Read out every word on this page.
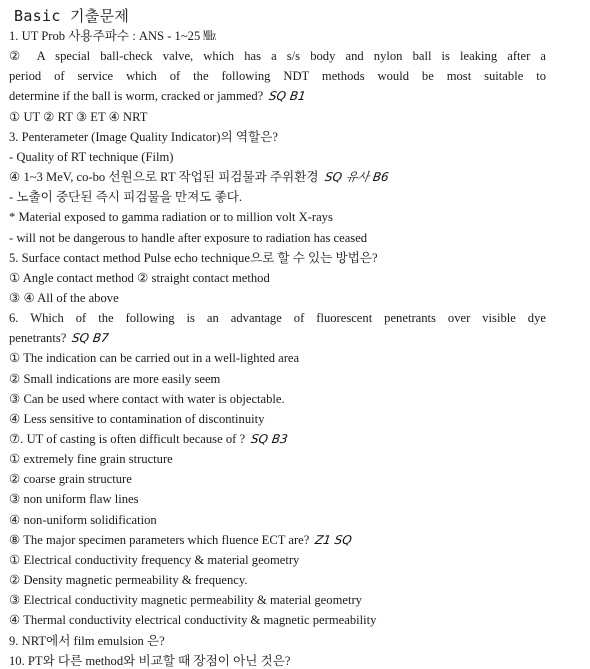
Basic 기출문제
1. UT Prob 사용주파수 : ANS - 1~25 ㎒
②️ A special ball-check valve, which has a s/s body and nylon ball is leaking after a
period of service which of the following NDT methods would be most suitable to
determine if the ball is worm, cracked or jammed? SQ B1
① UT ② RT ③ ET ④ NRT
3. Penterameter (Image Quality Indicator)의 역할은?
- Quality of RT technique (Film)
④ 1~3 MeV, co-bo 선원으로 RT 작업된 피검물과 주위환경 SQ 유사 B6
- 노출이 중단된 즉시 피검물을 만져도 좋다.
* Material exposed to gamma radiation or to million volt X-rays
- will not be dangerous to handle after exposure to radiation has ceased
5. Surface contact method Pulse echo technique으로 할 수 있는 방법은?
① Angle contact method ② straight contact method
③ ④ All of the above
6. Which of the following is an advantage of fluorescent penetrants over visible dye
penetrants? SQ B7
① The indication can be carried out in a well-lighted area
② Small indications are more easily seem
③ Can be used where contact with water is objectable.
④ Less sensitive to contamination of discontinuity
⑦. UT of casting is often difficult because of ? SQ B3
① extremely fine grain structure
② coarse grain structure
③ non uniform flaw lines
④ non-uniform solidification
⑧ The major specimen parameters which fluence ECT are? Z1 SQ
① Electrical conductivity frequency & material geometry
② Density magnetic permeability & frequency.
③ Electrical conductivity magnetic permeability & material geometry
④ Thermal conductivity electrical conductivity & magnetic permeability
9. NRT에서 film emulsion 은?
10. PT와 다른 method와 비교할 때 장점이 아닌 것은?
